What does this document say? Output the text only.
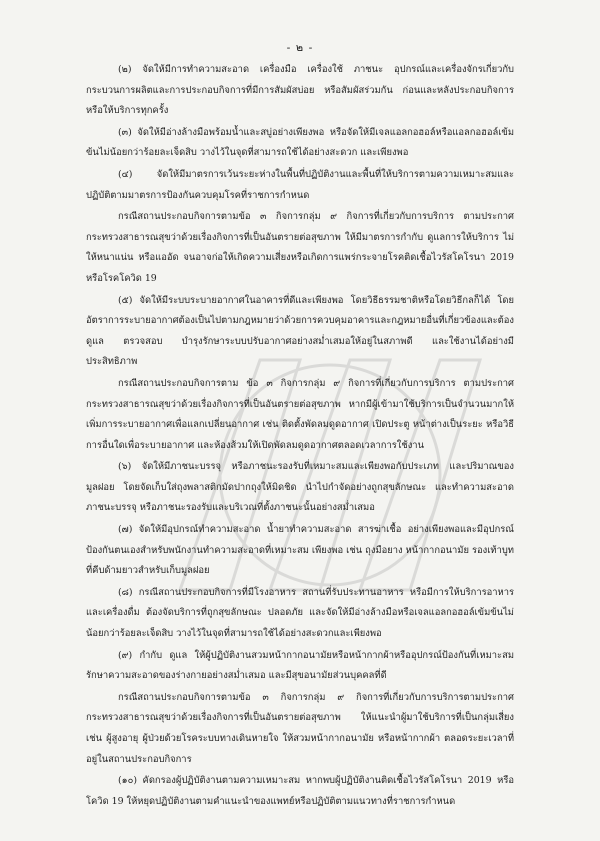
- ๒ -

(๒) จัดให้มีการทำความสะอาด เครื่องมือ เครื่องใช้ ภาชนะ อุปกรณ์และเครื่องจักรเกี่ยวกับกระบวนการผลิตและการประกอบกิจการที่มีการสัมผัสบ่อย หรือสัมผัสร่วมกัน ก่อนและหลังประกอบกิจการหรือให้บริการทุกครั้ง

(๓) จัดให้มีอ่างล้างมือพร้อมน้ำและสบู่อย่างเพียงพอ หรือจัดให้มีเจลแอลกอฮอล์หรือแอลกอฮอล์เข้มข้นไม่น้อยกว่าร้อยละเจ็ดสิบ วางไว้ในจุดที่สามารถใช้ได้อย่างสะดวก และเพียงพอ

(๔) จัดให้มีมาตรการเว้นระยะห่างในพื้นที่ปฏิบัติงานและพื้นที่ให้บริการตามความเหมาะสมและปฏิบัติตามมาตรการป้องกันควบคุมโรคที่ราชการกำหนด

กรณีสถานประกอบกิจการตามข้อ ๓ กิจการกลุ่ม ๙ กิจการที่เกี่ยวกับการบริการ ตามประกาศกระทรวงสาธารณสุขว่าด้วยเรื่องกิจการที่เป็นอันตรายต่อสุขภาพ ให้มีมาตรการกำกับ ดูแลการให้บริการ ไม่ให้หนาแน่น หรือแออัด จนอาจก่อให้เกิดความเสี่ยงหรือเกิดการแพร่กระจายโรคติดเชื้อไวรัสโคโรนา 2019 หรือโรคโควิด 19

(๕) จัดให้มีระบบระบายอากาศในอาคารที่ดีและเพียงพอ โดยวิธีธรรมชาติหรือโดยวิธีกลก็ได้ โดยอัตราการระบายอากาศต้องเป็นไปตามกฎหมายว่าด้วยการควบคุมอาคารและกฎหมายอื่นที่เกี่ยวข้องและต้องดูแล ตรวจสอบ บำรุงรักษาระบบปรับอากาศอย่างสม่ำเสมอให้อยู่ในสภาพดี และใช้งานได้อย่างมีประสิทธิภาพ

กรณีสถานประกอบกิจการตาม ข้อ ๓ กิจการกลุ่ม ๙ กิจการที่เกี่ยวกับการบริการ ตามประกาศกระทรวงสาธารณสุขว่าด้วยเรื่องกิจการที่เป็นอันตรายต่อสุขภาพ หากมีผู้เข้ามาใช้บริการเป็นจำนวนมากให้เพิ่มการระบายอากาศเพื่อแลกเปลี่ยนอากาศ เช่น ติดตั้งพัดลมดูดอากาศ เปิดประตู หน้าต่างเป็นระยะ หรือวิธีการอื่นใดเพื่อระบายอากาศ และห้องส้วมให้เปิดพัดลมดูดอากาศตลอดเวลาการใช้งาน

(๖) จัดให้มีภาชนะบรรจุ หรือภาชนะรองรับที่เหมาะสมและเพียงพอกับประเภท และปริมาณของมูลฝอย โดยจัดเก็บใส่ถุงพลาสติกมัดปากถุงให้มิดชิด นำไปกำจัดอย่างถูกสุขลักษณะ และทำความสะอาดภาชนะบรรจุ หรือภาชนะรองรับและบริเวณที่ตั้งภาชนะนั้นอย่างสม่ำเสมอ

(๗) จัดให้มีอุปกรณ์ทำความสะอาด น้ำยาทำความสะอาด สารฆ่าเชื้อ อย่างเพียงพอและมีอุปกรณ์ป้องกันตนเองสำหรับพนักงานทำความสะอาดที่เหมาะสม เพียงพอ เช่น ถุงมือยาง หน้ากากอนามัย รองเท้าบูท ที่คีบด้ามยาวสำหรับเก็บมูลฝอย

(๘) กรณีสถานประกอบกิจการที่มีโรงอาหาร สถานที่รับประทานอาหาร หรือมีการให้บริการอาหารและเครื่องดื่ม ต้องจัดบริการที่ถูกสุขลักษณะ ปลอดภัย และจัดให้มีอ่างล้างมือหรือเจลแอลกอฮอล์เข้มข้นไม่น้อยกว่าร้อยละเจ็ดสิบ วางไว้ในจุดที่สามารถใช้ได้อย่างสะดวกและเพียงพอ

(๙) กำกับ ดูแล ให้ผู้ปฏิบัติงานสวมหน้ากากอนามัยหรือหน้ากากผ้าหรืออุปกรณ์ป้องกันที่เหมาะสม รักษาความสะอาดของร่างกายอย่างสม่ำเสมอ และมีสุขอนามัยส่วนบุคคลที่ดี

กรณีสถานประกอบกิจการตามข้อ ๓ กิจการกลุ่ม ๙ กิจการที่เกี่ยวกับการบริการตามประกาศกระทรวงสาธารณสุขว่าด้วยเรื่องกิจการที่เป็นอันตรายต่อสุขภาพ ให้แนะนำผู้มาใช้บริการที่เป็นกลุ่มเสี่ยง เช่น ผู้สูงอายุ ผู้ป่วยด้วยโรคระบบทางเดินหายใจ ให้สวมหน้ากากอนามัย หรือหน้ากากผ้า ตลอดระยะเวลาที่อยู่ในสถานประกอบกิจการ

(๑๐) คัดกรองผู้ปฏิบัติงานตามความเหมาะสม หากพบผู้ปฏิบัติงานติดเชื้อไวรัสโคโรนา 2019 หรือโควิด 19 ให้หยุดปฏิบัติงานตามคำแนะนำของแพทย์หรือปฏิบัติตามแนวทางที่ราชการกำหนด
